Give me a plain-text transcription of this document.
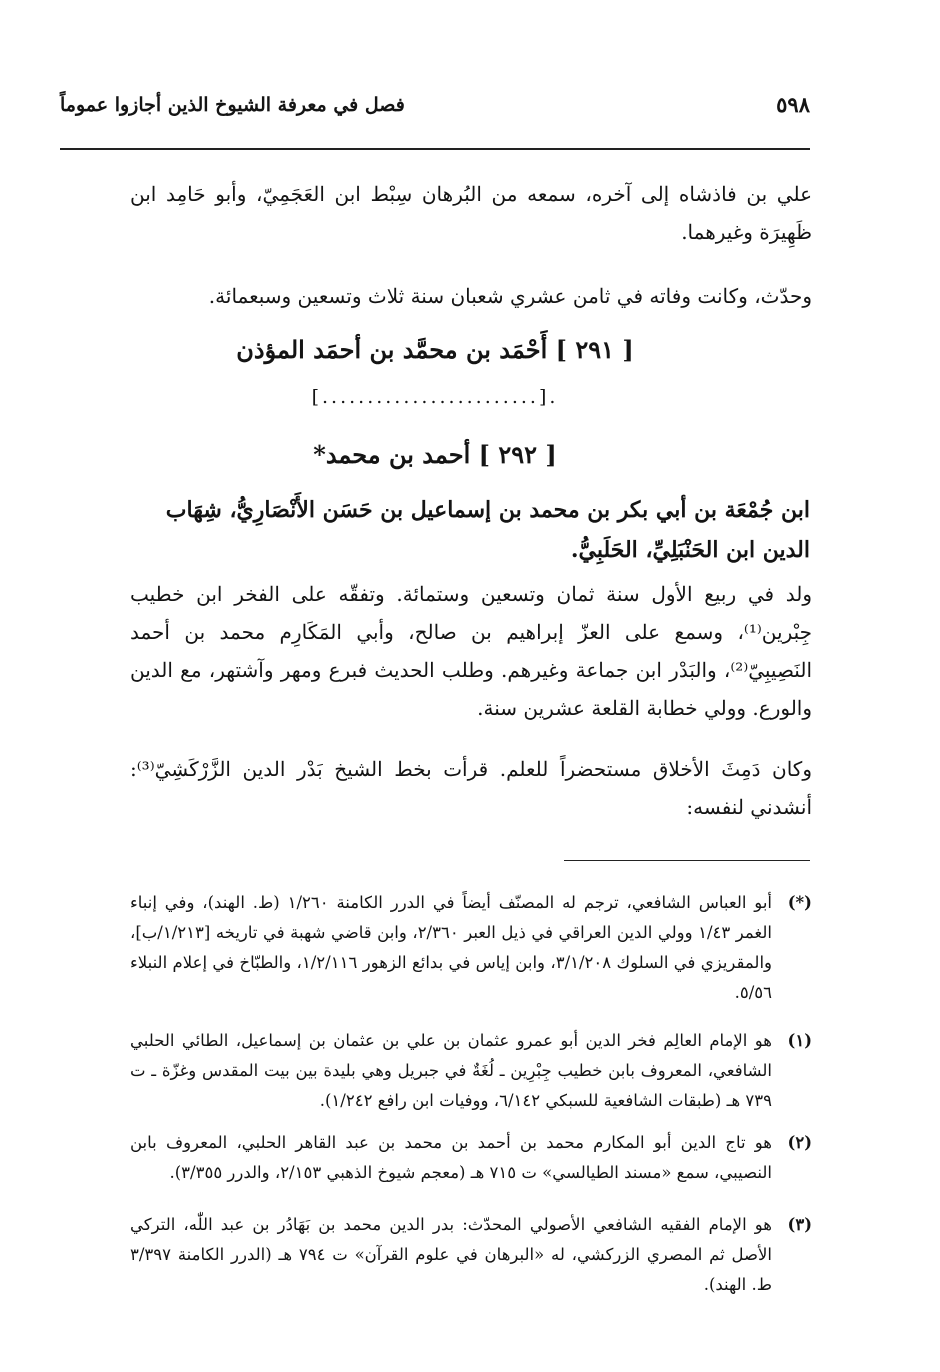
٥٩٨
فصل في معرفة الشيوخ الذين أجازوا عموماً
علي بن فاذشاه إلى آخره، سمعه من البُرهان سِبْط ابن العَجَمِيّ، وأبو حَامِد ابن ظَهِيرَة وغيرهما.
وحدّث، وكانت وفاته في ثامن عشري شعبان سنة ثلاث وتسعين وسبعمائة.
[ ٢٩١ ] أَحْمَد بن محمَّد بن أحمَد المؤذن
[........................].
[ ٢٩٢ ] أحمد بن محمد*
ابن جُمْعَة بن أبي بكر بن محمد بن إسماعيل بن حَسَن الأَنْصَارِيُّ، شِهَاب الدين ابن الحَنْبَلِيِّ، الحَلَبِيُّ.
ولد في ربيع الأول سنة ثمان وتسعين وستمائة. وتفقّه على الفخر ابن خطيب جِبْرين⁽¹⁾، وسمع على العزّ إبراهيم بن صالح، وأبي المَكَارِم محمد بن أحمد النَصِيبِيّ⁽²⁾، والبَدْر ابن جماعة وغيرهم. وطلب الحديث فبرع ومهر وآشتهر، مع الدين والورع. وولي خطابة القلعة عشرين سنة.
وكان دَمِثَ الأخلاق مستحضراً للعلم. قرأت بخط الشيخ بَدْر الدين الزَّرْكَشِيّ⁽³⁾: أنشدني لنفسه:
(*)
أبو العباس الشافعي، ترجم له المصنّف أيضاً في الدرر الكامنة ١/٢٦٠ (ط. الهند)، وفي إنباء الغمر ١/٤٣ وولي الدين العراقي في ذيل العبر ٢/٣٦٠، وابن قاضي شهبة في تاريخه [١/٢١٣/ب]، والمقريزي في السلوك ٣/١/٢٠٨، وابن إياس في بدائع الزهور ١/٢/١١٦، والطبّاخ في إعلام النبلاء ٥/٥٦.
(١)
هو الإمام العالِم فخر الدين أبو عمرو عثمان بن علي بن عثمان بن إسماعيل، الطائي الحلبي الشافعي، المعروف بابن خطيب جِبْرِين ـ لُغَةٌ في جبريل وهي بليدة بين بيت المقدس وغزّة ـ ت ٧٣٩ هـ (طبقات الشافعية للسبكي ٦/١٤٢، ووفيات ابن رافع ١/٢٤٢).
(٢)
هو تاج الدين أبو المكارم محمد بن أحمد بن محمد بن عبد القاهر الحلبي، المعروف بابن النصيبي، سمع «مسند الطيالسي» ت ٧١٥ هـ (معجم شيوخ الذهبي ٢/١٥٣، والدرر ٣/٣٥٥).
(٣)
هو الإمام الفقيه الشافعي الأصولي المحدّث: بدر الدين محمد بن بَهَادُر بن عبد اللّٰه، التركي الأصل ثم المصري الزركشي، له «البرهان في علوم القرآن» ت ٧٩٤ هـ (الدرر الكامنة ٣/٣٩٧ ط. الهند).
